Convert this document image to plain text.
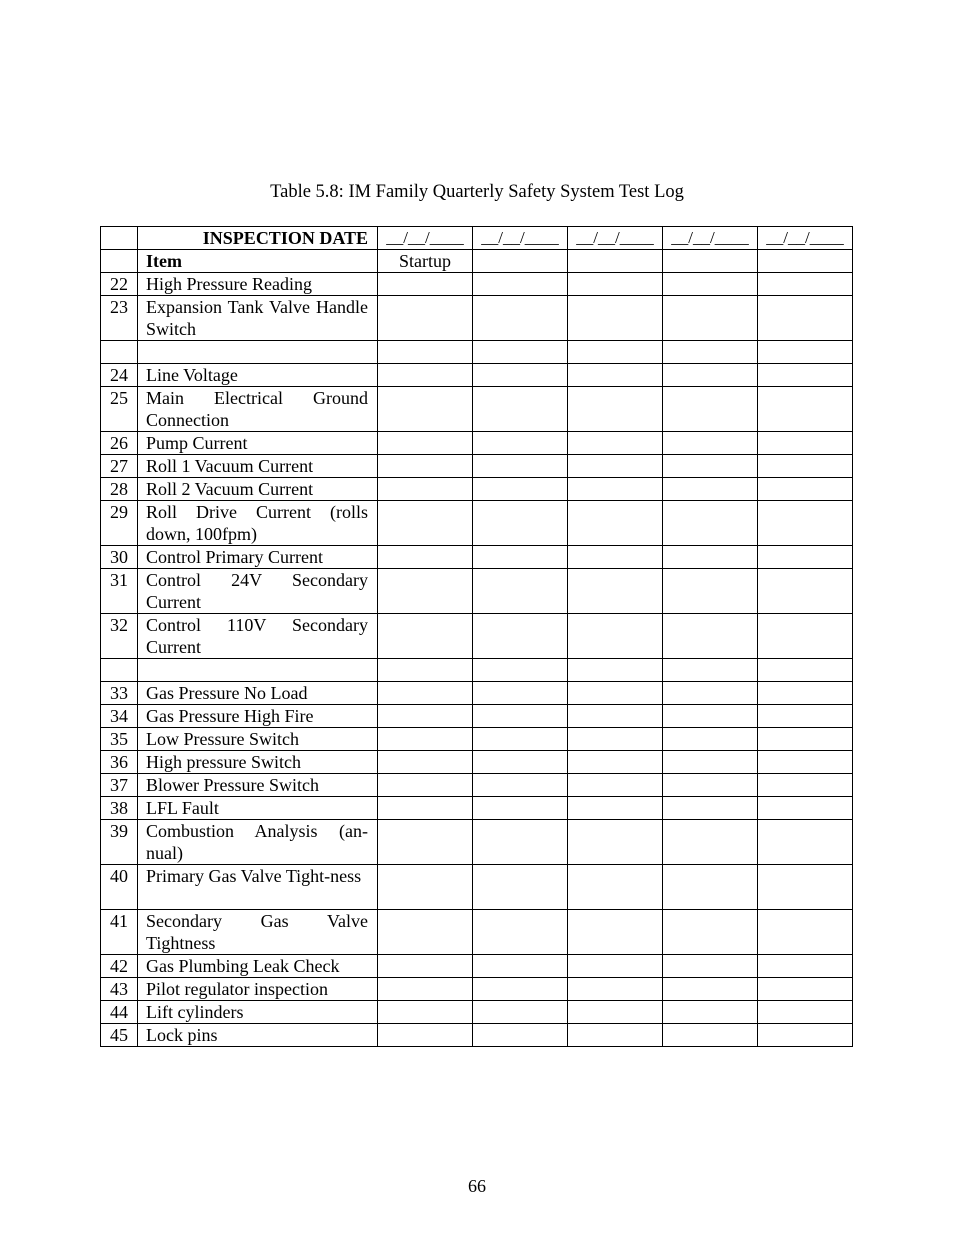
Table 5.8: IM Family Quarterly Safety System Test Log
	INSPECTION DATE	__/__/____	__/__/____	__/__/____	__/__/____	__/__/____
	Item	Startup				
22	High Pressure Reading					
23	Expansion Tank Valve Handle Switch					

24	Line Voltage					
25	Main Electrical Ground Connection					
26	Pump Current					
27	Roll 1 Vacuum Current					
28	Roll 2 Vacuum Current					
29	Roll Drive Current (rolls down, 100fpm)					
30	Control Primary Current					
31	Control 24V Secondary Current					
32	Control 110V Secondary Current					

33	Gas Pressure No Load					
34	Gas Pressure High Fire					
35	Low Pressure Switch					
36	High pressure Switch					
37	Blower Pressure Switch					
38	LFL Fault					
39	Combustion Analysis (an-nual)					
40	Primary Gas Valve Tight-ness					
41	Secondary Gas Valve Tightness					
42	Gas Plumbing Leak Check					
43	Pilot regulator inspection					
44	Lift cylinders					
45	Lock pins					
66
